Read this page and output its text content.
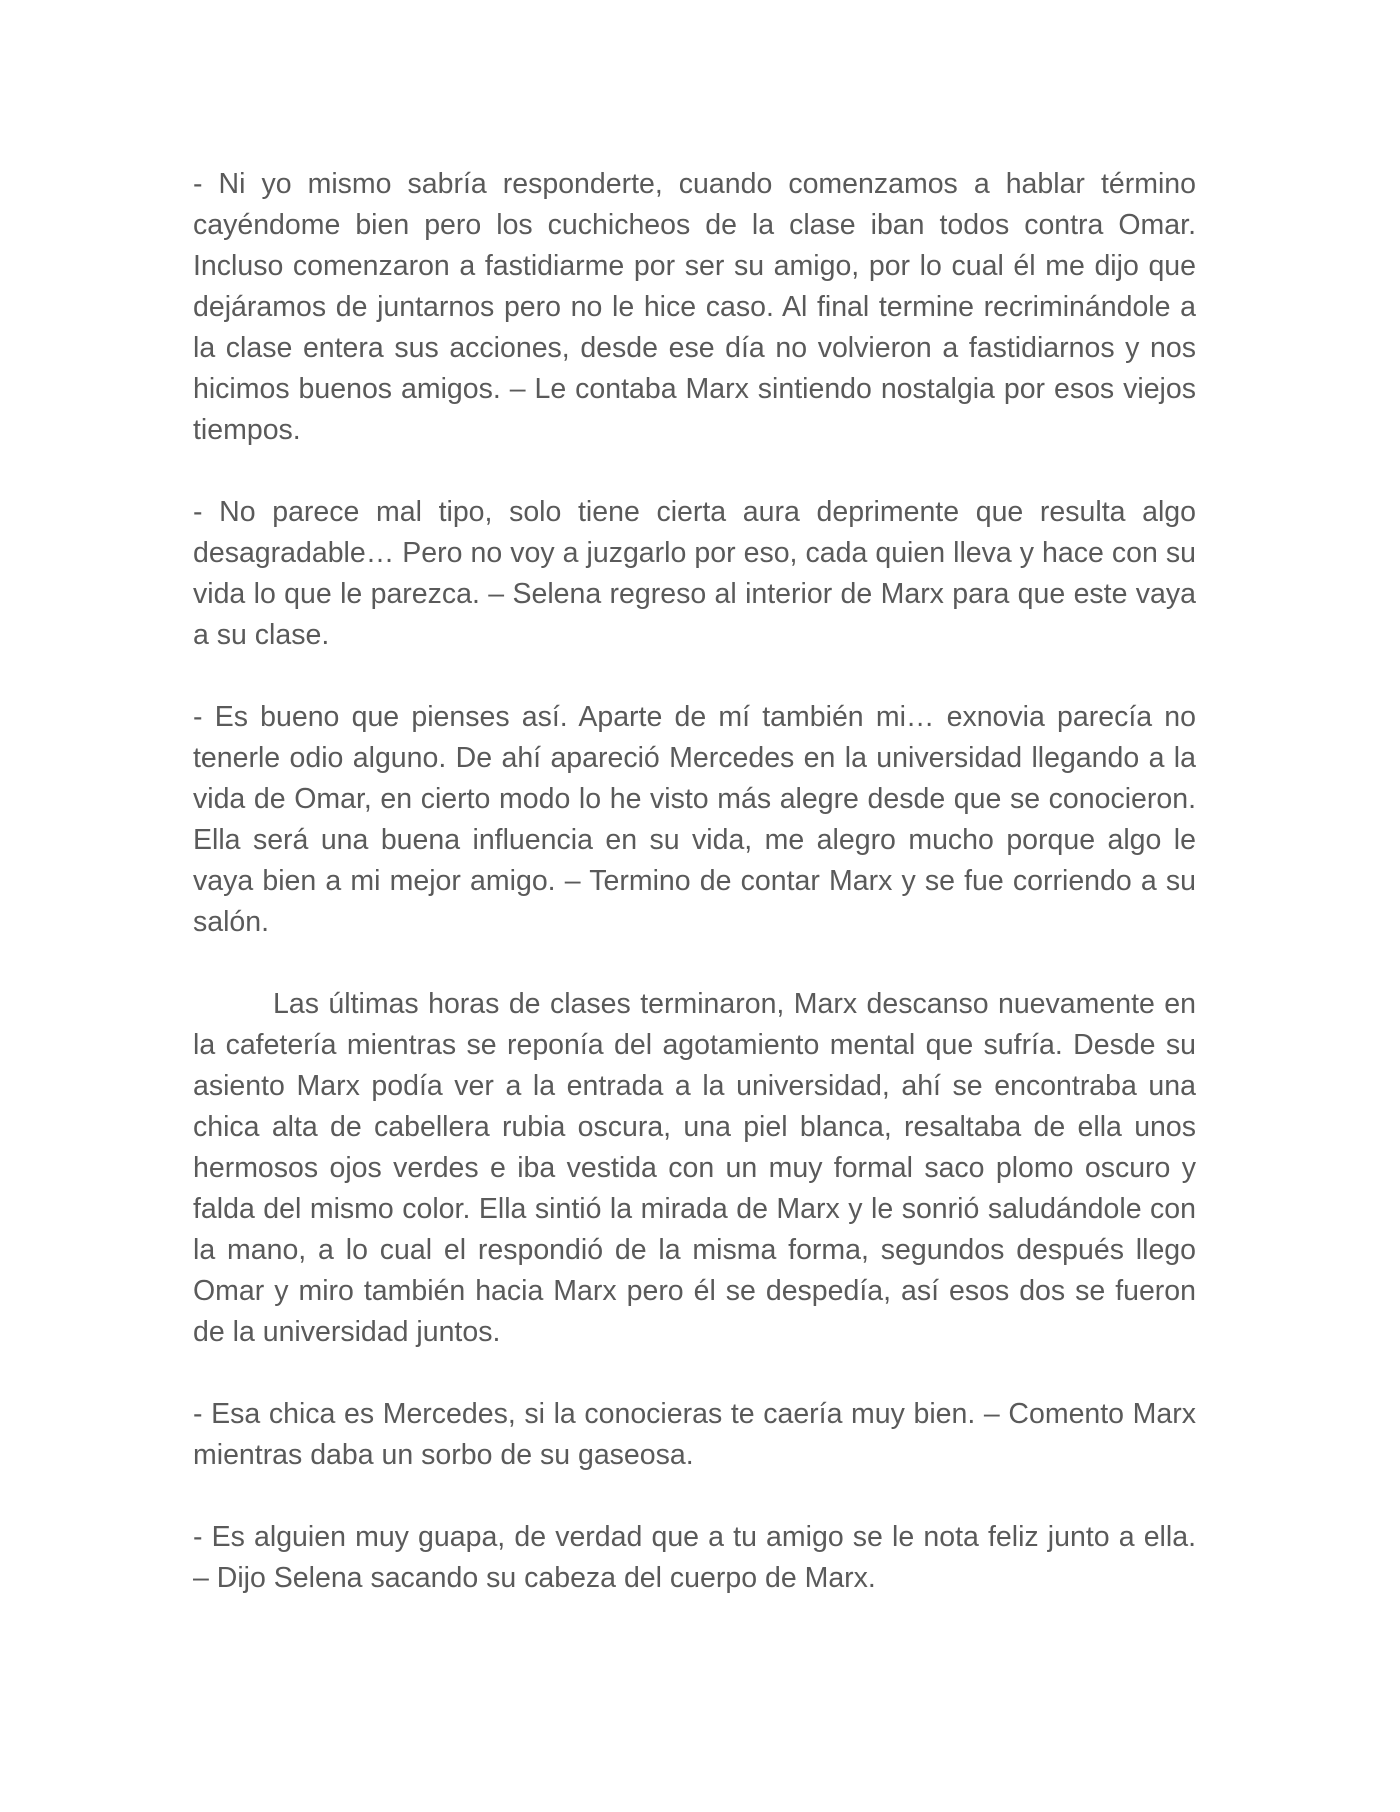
- Ni yo mismo sabría responderte, cuando comenzamos a hablar término cayéndome bien pero los cuchicheos de la clase iban todos contra Omar. Incluso comenzaron a fastidiarme por ser su amigo, por lo cual él me dijo que dejáramos de juntarnos pero no le hice caso. Al final termine recriminándole a la clase entera sus acciones, desde ese día no volvieron a fastidiarnos y nos hicimos buenos amigos. – Le contaba Marx sintiendo nostalgia por esos viejos tiempos.

- No parece mal tipo, solo tiene cierta aura deprimente que resulta algo desagradable… Pero no voy a juzgarlo por eso, cada quien lleva y hace con su vida lo que le parezca. – Selena regreso al interior de Marx para que este vaya a su clase.

- Es bueno que pienses así. Aparte de mí también mi… exnovia parecía no tenerle odio alguno. De ahí apareció Mercedes en la universidad llegando a la vida de Omar, en cierto modo lo he visto más alegre desde que se conocieron. Ella será una buena influencia en su vida, me alegro mucho porque algo le vaya bien a mi mejor amigo. – Termino de contar Marx y se fue corriendo a su salón.

Las últimas horas de clases terminaron, Marx descanso nuevamente en la cafetería mientras se reponía del agotamiento mental que sufría. Desde su asiento Marx podía ver a la entrada a la universidad, ahí se encontraba una chica alta de cabellera rubia oscura, una piel blanca, resaltaba de ella unos hermosos ojos verdes e iba vestida con un muy formal saco plomo oscuro y falda del mismo color. Ella sintió la mirada de Marx y le sonrió saludándole con la mano, a lo cual el respondió de la misma forma, segundos después llego Omar y miro también hacia Marx pero él se despedía, así esos dos se fueron de la universidad juntos.

- Esa chica es Mercedes, si la conocieras te caería muy bien. – Comento Marx mientras daba un sorbo de su gaseosa.

- Es alguien muy guapa, de verdad que a tu amigo se le nota feliz junto a ella. – Dijo Selena sacando su cabeza del cuerpo de Marx.
